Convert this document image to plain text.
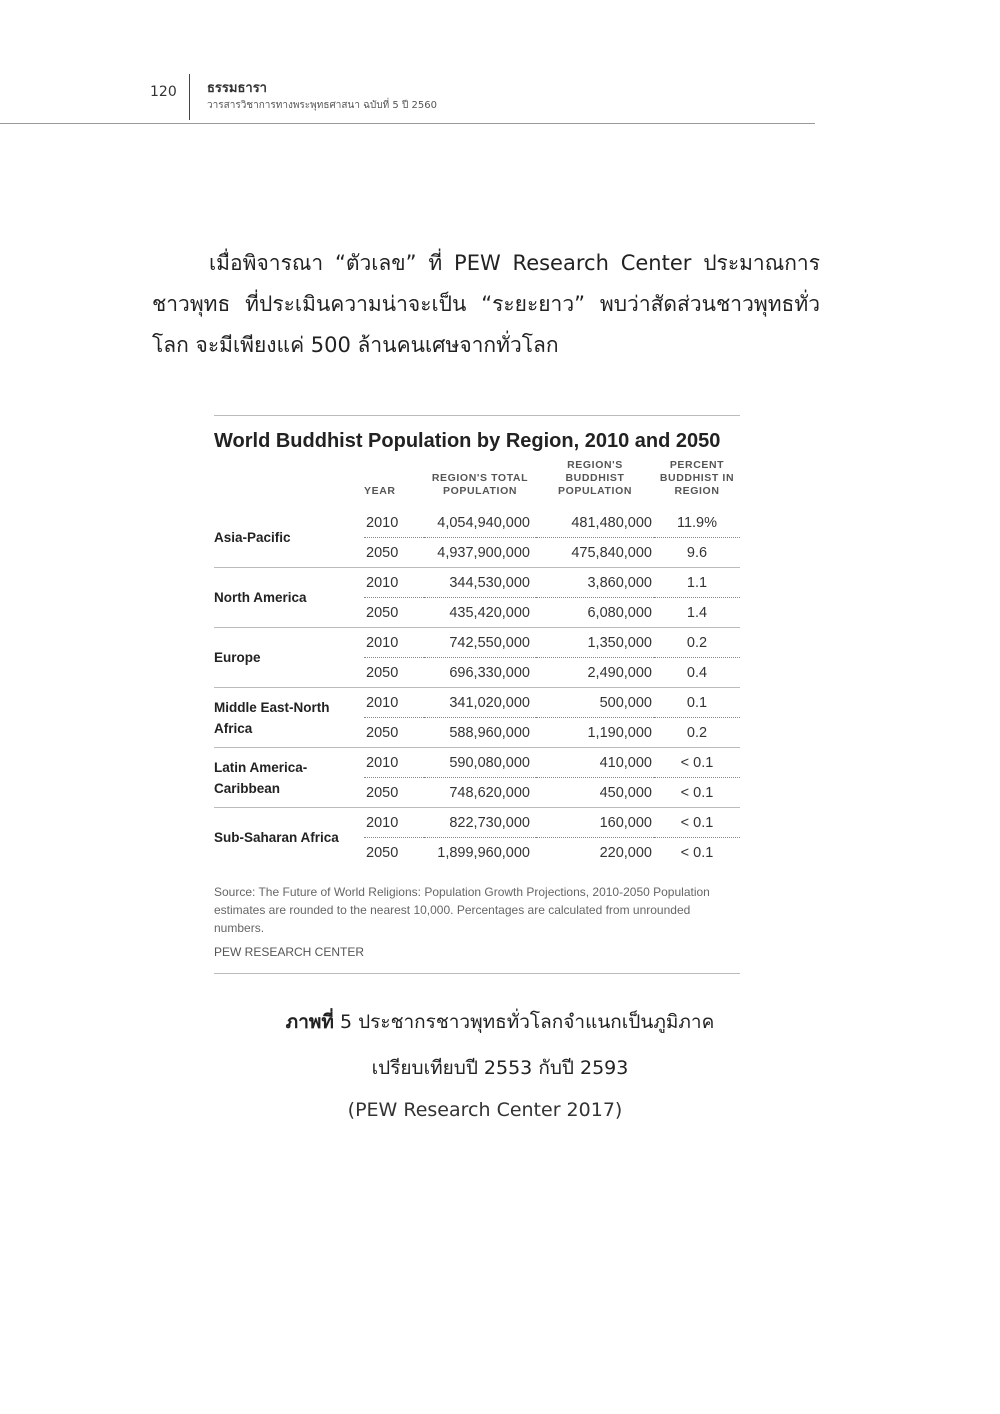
120 ธรรมธารา
วารสารวิชาการทางพระพุทธศาสนา ฉบับที่ 5 ปี 2560

เมื่อพิจารณา “ตัวเลข” ที่ PEW Research Center ประมาณการชาวพุทธ ที่ประเมินความน่าจะเป็น “ระยะยาว” พบว่าสัดส่วนชาวพุทธทั่วโลก จะมีเพียงแค่ 500 ล้านคนเศษจากทั่วโลก

World Buddhist Population by Region, 2010 and 2050
	YEAR	REGION'S TOTAL POPULATION	REGION'S BUDDHIST POPULATION	PERCENT BUDDHIST IN REGION
Asia-Pacific	2010	4,054,940,000	481,480,000	11.9%
	2050	4,937,900,000	475,840,000	9.6
North America	2010	344,530,000	3,860,000	1.1
	2050	435,420,000	6,080,000	1.4
Europe	2010	742,550,000	1,350,000	0.2
	2050	696,330,000	2,490,000	0.4
Middle East-North Africa	2010	341,020,000	500,000	0.1
	2050	588,960,000	1,190,000	0.2
Latin America-Caribbean	2010	590,080,000	410,000	< 0.1
	2050	748,620,000	450,000	< 0.1
Sub-Saharan Africa	2010	822,730,000	160,000	< 0.1
	2050	1,899,960,000	220,000	< 0.1
Source: The Future of World Religions: Population Growth Projections, 2010-2050 Population estimates are rounded to the nearest 10,000. Percentages are calculated from unrounded numbers.
PEW RESEARCH CENTER
ภาพที่ 5 ประชากรชาวพุทธทั่วโลกจำแนกเป็นภูมิภาค
เปรียบเทียบปี 2553 กับปี 2593
(PEW Research Center 2017)
